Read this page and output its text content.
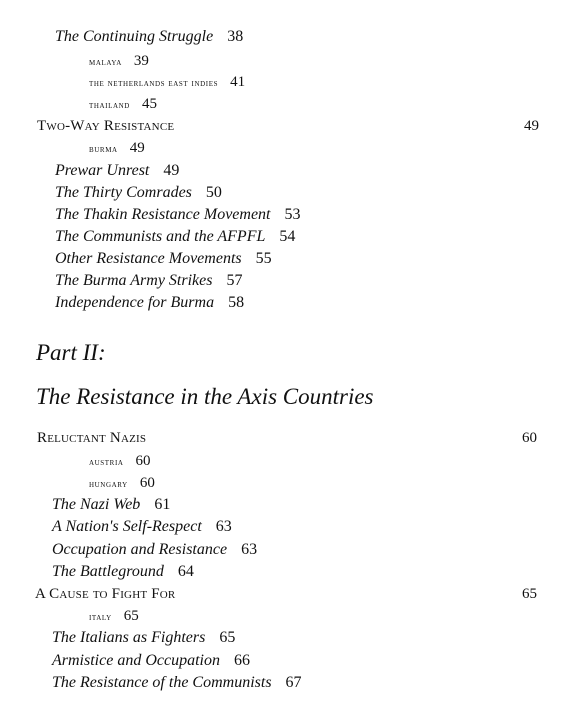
The Continuing Struggle 38
malaya 39
the netherlands east indies 41
thailand 45
Two-Way Resistance	49
burma 49
Prewar Unrest 49
The Thirty Comrades 50
The Thakin Resistance Movement 53
The Communists and the AFPFL 54
Other Resistance Movements 55
The Burma Army Strikes 57
Independence for Burma 58
Part II:
The Resistance in the Axis Countries
Reluctant Nazis	60
austria 60
hungary 60
The Nazi Web 61
A Nation's Self-Respect 63
Occupation and Resistance 63
The Battleground 64
A Cause to Fight For	65
italy 65
The Italians as Fighters 65
Armistice and Occupation 66
The Resistance of the Communists 67
